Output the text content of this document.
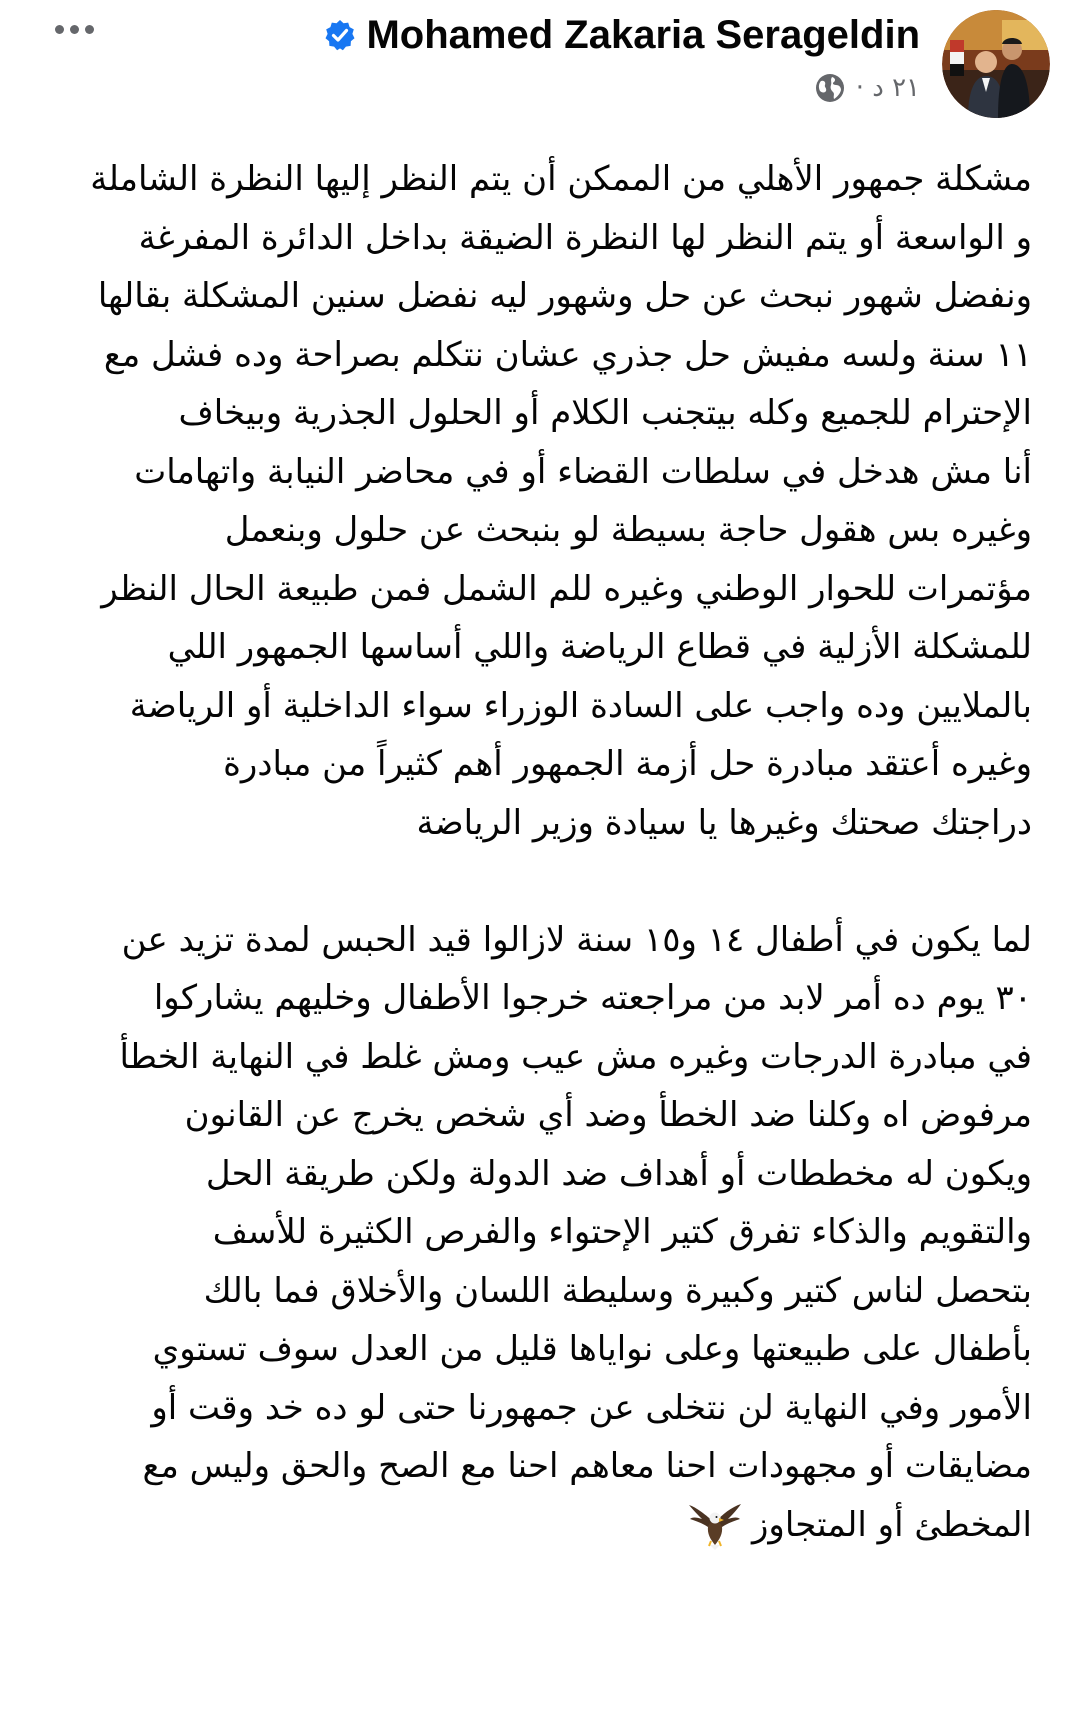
Mohamed Zakaria Serageldin
٢١ د ·

مشكلة جمهور الأهلي من الممكن أن يتم النظر إليها النظرة الشاملة

و الواسعة أو يتم النظر لها النظرة الضيقة بداخل الدائرة المفرغة

ونفضل شهور نبحث عن حل وشهور ليه نفضل سنين المشكلة بقالها

١١ سنة ولسه مفيش حل جذري عشان نتكلم بصراحة وده فشل مع

الإحترام للجميع وكله بيتجنب الكلام أو الحلول الجذرية وبيخاف

أنا مش هدخل في سلطات القضاء أو في محاضر النيابة واتهامات

وغيره بس هقول حاجة بسيطة لو بنبحث عن حلول وبنعمل

مؤتمرات للحوار الوطني وغيره للم الشمل فمن طبيعة الحال النظر

للمشكلة الأزلية في قطاع الرياضة واللي أساسها الجمهور اللي

بالملايين وده واجب على السادة الوزراء سواء الداخلية أو الرياضة

وغيره أعتقد مبادرة حل أزمة الجمهور أهم كثيراً من مبادرة

دراجتك صحتك وغيرها يا سيادة وزير الرياضة

لما يكون في أطفال ١٤ و١٥ سنة لازالوا قيد الحبس لمدة تزيد عن

٣٠ يوم ده أمر لابد من مراجعته خرجوا الأطفال وخليهم يشاركوا

في مبادرة الدرجات وغيره مش عيب ومش غلط في النهاية الخطأ

مرفوض اه وكلنا ضد الخطأ وضد أي شخص يخرج عن القانون

ويكون له مخططات أو أهداف ضد الدولة ولكن طريقة الحل

والتقويم والذكاء تفرق كتير الإحتواء والفرص الكثيرة للأسف

بتحصل لناس كتير وكبيرة وسليطة اللسان والأخلاق فما بالك

بأطفال على طبيعتها وعلى نواياها قليل من العدل سوف تستوي

الأمور وفي النهاية لن نتخلى عن جمهورنا حتى لو ده خد وقت أو

مضايقات أو مجهودات احنا معاهم احنا مع الصح والحق وليس مع

المخطئ أو المتجاوز
